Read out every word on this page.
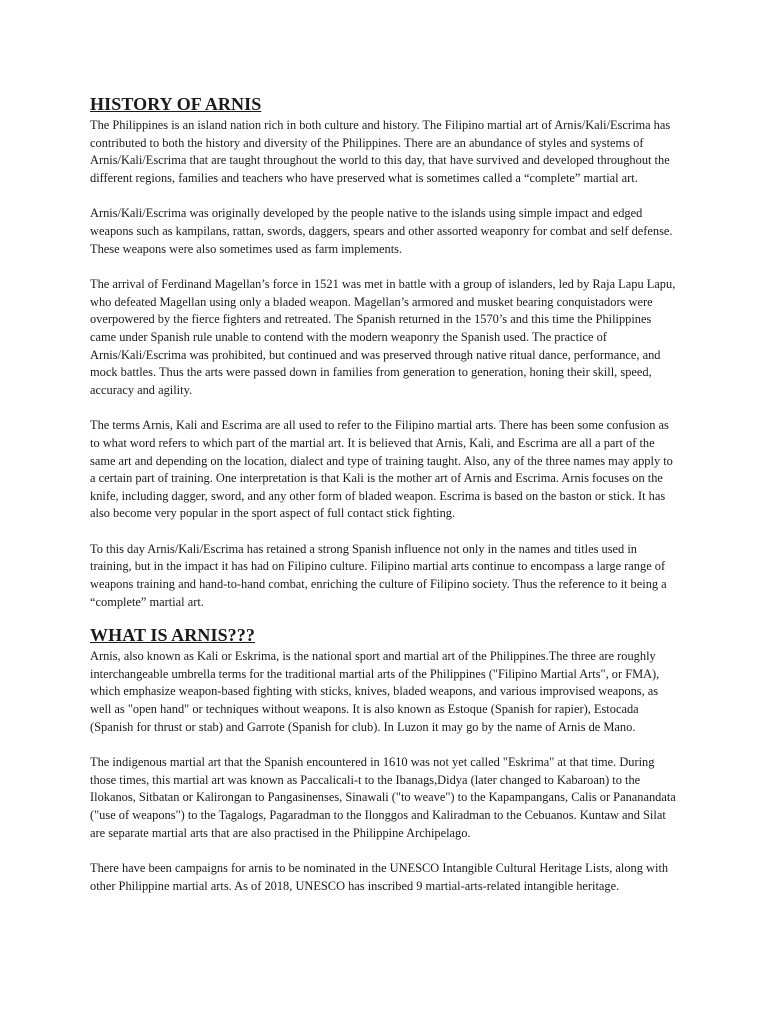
HISTORY OF ARNIS

The Philippines is an island nation rich in both culture and history. The Filipino martial art of Arnis/Kali/Escrima has contributed to both the history and diversity of the Philippines. There are an abundance of styles and systems of Arnis/Kali/Escrima that are taught throughout the world to this day, that have survived and developed throughout the different regions, families and teachers who have preserved what is sometimes called a “complete” martial art.

Arnis/Kali/Escrima was originally developed by the people native to the islands using simple impact and edged weapons such as kampilans, rattan, swords, daggers, spears and other assorted weaponry for combat and self defense. These weapons were also sometimes used as farm implements.

The arrival of Ferdinand Magellan’s force in 1521 was met in battle with a group of islanders, led by Raja Lapu Lapu, who defeated Magellan using only a bladed weapon. Magellan’s armored and musket bearing conquistadors were overpowered by the fierce fighters and retreated. The Spanish returned in the 1570’s and this time the Philippines came under Spanish rule unable to contend with the modern weaponry the Spanish used. The practice of Arnis/Kali/Escrima was prohibited, but continued and was preserved through native ritual dance, performance, and mock battles. Thus the arts were passed down in families from generation to generation, honing their skill, speed, accuracy and agility.

The terms Arnis, Kali and Escrima are all used to refer to the Filipino martial arts. There has been some confusion as to what word refers to which part of the martial art. It is believed that Arnis, Kali, and Escrima are all a part of the same art and depending on the location, dialect and type of training taught. Also, any of the three names may apply to a certain part of training. One interpretation is that Kali is the mother art of Arnis and Escrima. Arnis focuses on the knife, including dagger, sword, and any other form of bladed weapon. Escrima is based on the baston or stick. It has also become very popular in the sport aspect of full contact stick fighting.

To this day Arnis/Kali/Escrima has retained a strong Spanish influence not only in the names and titles used in training, but in the impact it has had on Filipino culture. Filipino martial arts continue to encompass a large range of weapons training and hand-to-hand combat, enriching the culture of Filipino society. Thus the reference to it being a “complete” martial art.

WHAT IS ARNIS???

Arnis, also known as Kali or Eskrima, is the national sport and martial art of the Philippines.The three are roughly interchangeable umbrella terms for the traditional martial arts of the Philippines ("Filipino Martial Arts", or FMA), which emphasize weapon-based fighting with sticks, knives, bladed weapons, and various improvised weapons, as well as "open hand" or techniques without weapons. It is also known as Estoque (Spanish for rapier), Estocada (Spanish for thrust or stab) and Garrote (Spanish for club). In Luzon it may go by the name of Arnis de Mano.

The indigenous martial art that the Spanish encountered in 1610 was not yet called "Eskrima" at that time. During those times, this martial art was known as Paccalicali-t to the Ibanags,Didya (later changed to Kabaroan) to the Ilokanos, Sitbatan or Kalirongan to Pangasinenses, Sinawali ("to weave") to the Kapampangans, Calis or Pananandata ("use of weapons") to the Tagalogs, Pagaradman to the Ilonggos and Kaliradman to the Cebuanos. Kuntaw and Silat are separate martial arts that are also practised in the Philippine Archipelago.

There have been campaigns for arnis to be nominated in the UNESCO Intangible Cultural Heritage Lists, along with other Philippine martial arts. As of 2018, UNESCO has inscribed 9 martial-arts-related intangible heritage.
